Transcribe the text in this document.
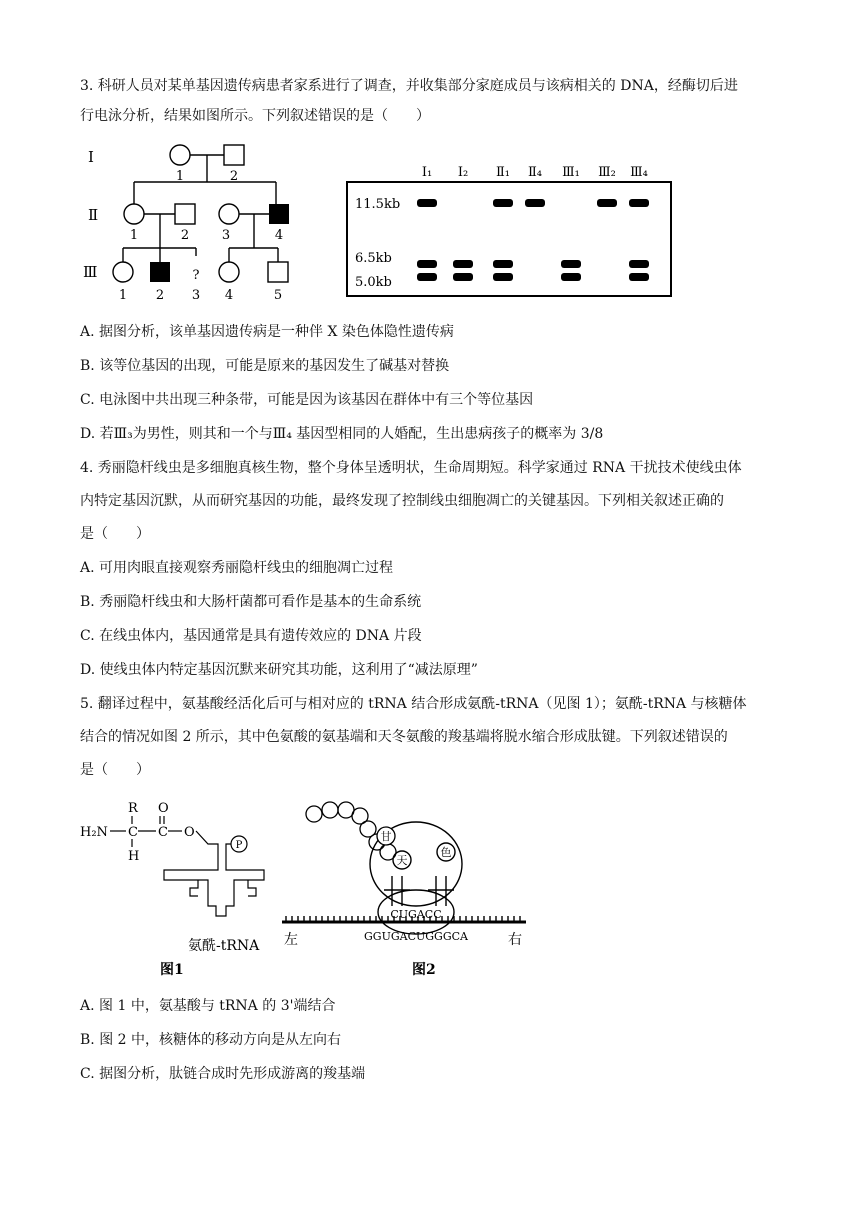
3. 科研人员对某单基因遗传病患者家系进行了调查，并收集部分家庭成员与该病相关的 DNA，经酶切后进
行电泳分析，结果如图所示。下列叙述错误的是（　　）
Ⅰ
Ⅱ
Ⅲ
1	2
1	2	3	4
1 2 3 4	5
?
Ⅰ₁ Ⅰ₂ Ⅱ₁ Ⅱ₄ Ⅲ₁ Ⅲ₂ Ⅲ₄
11.5kb
6.5kb
5.0kb
A. 据图分析，该单基因遗传病是一种伴 X 染色体隐性遗传病
B. 该等位基因的出现，可能是原来的基因发生了碱基对替换
C. 电泳图中共出现三种条带，可能是因为该基因在群体中有三个等位基因
D. 若Ⅲ₃为男性，则其和一个与Ⅲ₄ 基因型相同的人婚配，生出患病孩子的概率为 3/8
4. 秀丽隐杆线虫是多细胞真核生物，整个身体呈透明状，生命周期短。科学家通过 RNA 干扰技术使线虫体
内特定基因沉默，从而研究基因的功能，最终发现了控制线虫细胞凋亡的关键基因。下列相关叙述正确的
是（　　）
A. 可用肉眼直接观察秀丽隐杆线虫的细胞凋亡过程
B. 秀丽隐杆线虫和大肠杆菌都可看作是基本的生命系统
C. 在线虫体内，基因通常是具有遗传效应的 DNA 片段
D. 使线虫体内特定基因沉默来研究其功能，这利用了“减法原理”
5. 翻译过程中，氨基酸经活化后可与相对应的 tRNA 结合形成氨酰-tRNA（见图 1）；氨酰-tRNA 与核糖体
结合的情况如图 2 所示，其中色氨酸的氨基端和天冬氨酸的羧基端将脱水缩合形成肽键。下列叙述错误的
是（　　）
R O
H₂N C C O
H
P
氨酰-tRNA
图1
甘
天
色
CUGACC
GGUGACUGGGCA
左	右
图2
A. 图 1 中，氨基酸与 tRNA 的 3'端结合
B. 图 2 中，核糖体的移动方向是从左向右
C. 据图分析，肽链合成时先形成游离的羧基端
